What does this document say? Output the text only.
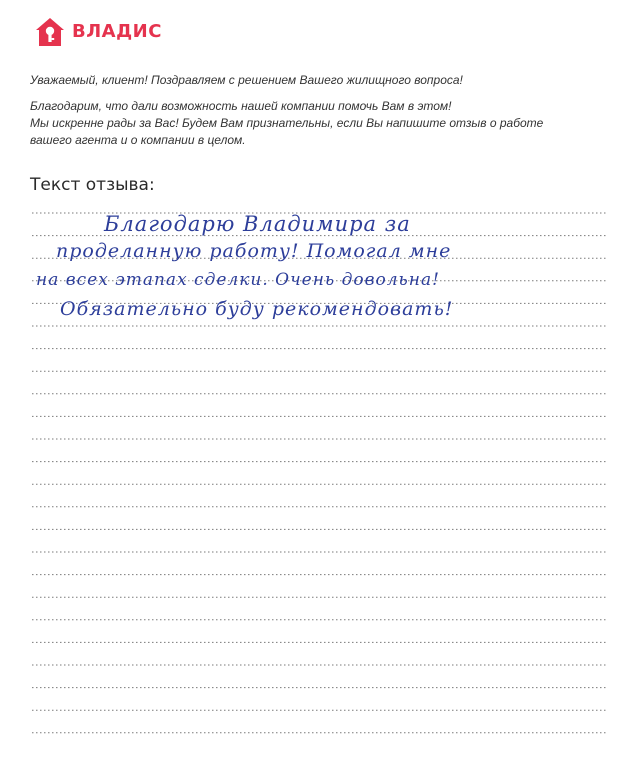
ВЛАДИС

Уважаемый, клиент! Поздравляем с решением Вашего жилищного вопроса!

Благодарим, что дали возможность нашей компании помочь Вам в этом!

Мы искренне рады за Вас! Будем Вам признательны, если Вы напишите отзыв о работе

вашего агента и о компании в целом.

Текст отзыва:
Благодарю Владимира за
проделанную работу! Помогал мне
на всех этапах сделки. Очень довольна!
Обязательно буду рекомендовать!
